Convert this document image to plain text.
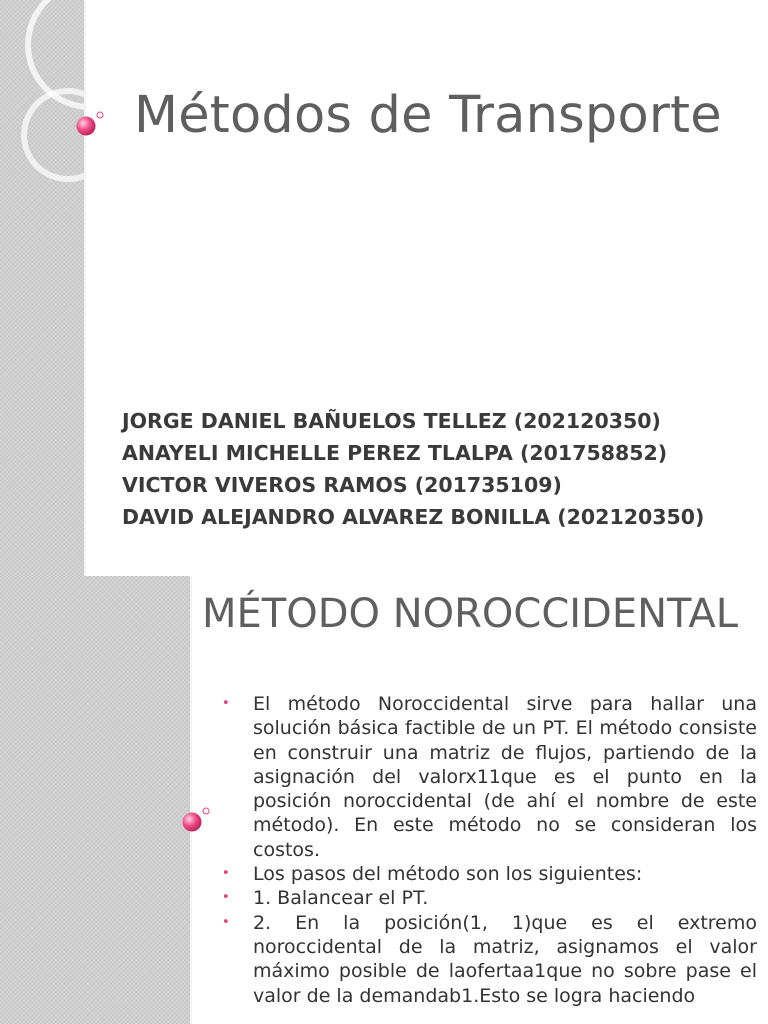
Métodos de Transporte

JORGE DANIEL BAÑUELOS TELLEZ (202120350)

ANAYELI MICHELLE PEREZ TLALPA (201758852)

VICTOR VIVEROS RAMOS (201735109)

DAVID ALEJANDRO ALVAREZ BONILLA (202120350)

MÉTODO NOROCCIDENTAL
• El método Noroccidental sirve para hallar una solución básica factible de un PT. El método consiste en construir una matriz de flujos, partiendo de la asignación del valorx11que es el punto en la posición noroccidental (de ahí el nombre de este método). En este método no se consideran los costos.
• Los pasos del método son los siguientes:
• 1. Balancear el PT.
• 2. En la posición(1, 1)que es el extremo noroccidental de la matriz, asignamos el valor máximo posible de laofertaa1que no sobre pase el valor de la demandab1.Esto se logra haciendo
